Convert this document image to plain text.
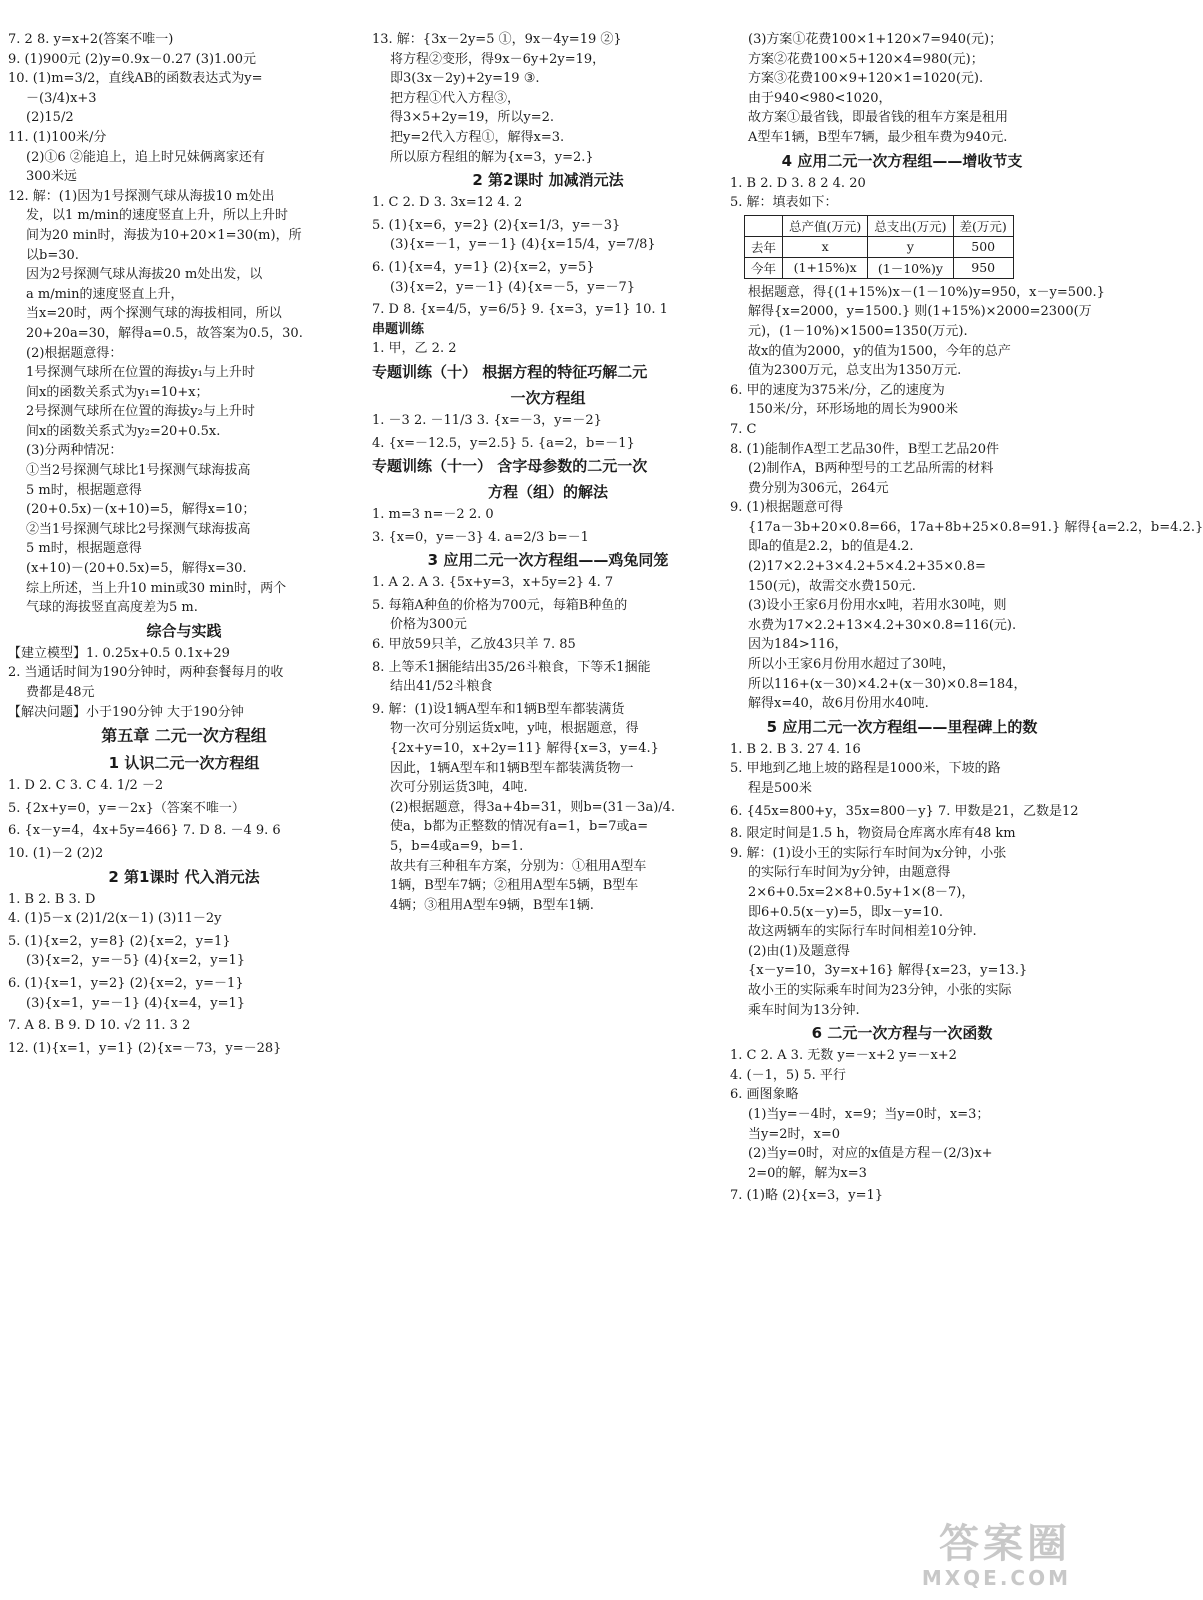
7. 2 8. y=x+2(答案不唯一)
9. (1)900元 (2)y=0.9x－0.27 (3)1.00元
10. (1)m=3/2，直线AB的函数表达式为y=
－(3/4)x+3
(2)15/2
11. (1)100米/分
(2)①6 ②能追上，追上时兄妹俩离家还有
300米远
12. 解：(1)因为1号探测气球从海拔10 m处出
发，以1 m/min的速度竖直上升，所以上升时
间为20 min时，海拔为10+20×1=30(m)，所
以b=30.
因为2号探测气球从海拔20 m处出发，以
a m/min的速度竖直上升，
当x=20时，两个探测气球的海拔相同，所以
20+20a=30，解得a=0.5，故答案为0.5，30.
(2)根据题意得：
1号探测气球所在位置的海拔y₁与上升时
间x的函数关系式为y₁=10+x；
2号探测气球所在位置的海拔y₂与上升时
间x的函数关系式为y₂=20+0.5x.
(3)分两种情况：
①当2号探测气球比1号探测气球海拔高
5 m时，根据题意得
(20+0.5x)－(x+10)=5，解得x=10；
②当1号探测气球比2号探测气球海拔高
5 m时，根据题意得
(x+10)－(20+0.5x)=5，解得x=30.
综上所述，当上升10 min或30 min时，两个
气球的海拔竖直高度差为5 m.
综合与实践
【建立模型】1. 0.25x+0.5 0.1x+29
2. 当通话时间为190分钟时，两种套餐每月的收
费都是48元
【解决问题】小于190分钟 大于190分钟
第五章 二元一次方程组
1 认识二元一次方程组
1. D 2. C 3. C 4. 1/2 －2
5. {2x+y=0，y=－2x}（答案不唯一）
6. {x－y=4，4x+5y=466} 7. D 8. －4 9. 6
10. (1)－2 (2)2
2 第1课时 代入消元法
1. B 2. B 3. D
4. (1)5－x (2)1/2(x－1) (3)11－2y
5. (1){x=2，y=8} (2){x=2，y=1}
(3){x=2，y=－5} (4){x=2，y=1}
6. (1){x=1，y=2} (2){x=2，y=－1}
(3){x=1，y=－1} (4){x=4，y=1}
7. A 8. B 9. D 10. √2 11. 3 2
12. (1){x=1，y=1} (2){x=－73，y=－28}
13. 解：{3x－2y=5 ①，9x－4y=19 ②}
将方程②变形，得9x－6y+2y=19，
即3(3x－2y)+2y=19 ③.
把方程①代入方程③，
得3×5+2y=19，所以y=2.
把y=2代入方程①，解得x=3.
所以原方程组的解为{x=3，y=2.}
2 第2课时 加减消元法
1. C 2. D 3. 3x=12 4. 2
5. (1){x=6，y=2} (2){x=1/3，y=－3}
(3){x=－1，y=－1} (4){x=15/4，y=7/8}
6. (1){x=4，y=1} (2){x=2，y=5}
(3){x=2，y=－1} (4){x=－5，y=－7}
7. D 8. {x=4/5，y=6/5} 9. {x=3，y=1} 10. 1
串题训练
1. 甲，乙 2. 2
专题训练（十） 根据方程的特征巧解二元
一次方程组
1. －3 2. －11/3 3. {x=－3，y=－2}
4. {x=－12.5，y=2.5} 5. {a=2，b=－1}
专题训练（十一） 含字母参数的二元一次
方程（组）的解法
1. m=3 n=－2 2. 0
3. {x=0，y=－3} 4. a=2/3 b=－1
3 应用二元一次方程组——鸡兔同笼
1. A 2. A 3. {5x+y=3，x+5y=2} 4. 7
5. 每箱A种鱼的价格为700元，每箱B种鱼的
价格为300元
6. 甲放59只羊，乙放43只羊 7. 85
8. 上等禾1捆能结出35/26斗粮食，下等禾1捆能
结出41/52斗粮食
9. 解：(1)设1辆A型车和1辆B型车都装满货
物一次可分别运货x吨，y吨，根据题意，得
{2x+y=10，x+2y=11} 解得{x=3，y=4.}
因此，1辆A型车和1辆B型车都装满货物一
次可分别运货3吨，4吨.
(2)根据题意，得3a+4b=31，则b=(31－3a)/4.
使a，b都为正整数的情况有a=1，b=7或a=
5，b=4或a=9，b=1.
故共有三种租车方案，分别为：①租用A型车
1辆，B型车7辆；②租用A型车5辆，B型车
4辆；③租用A型车9辆，B型车1辆.
(3)方案①花费100×1+120×7=940(元)；
方案②花费100×5+120×4=980(元)；
方案③花费100×9+120×1=1020(元).
由于940<980<1020，
故方案①最省钱，即最省钱的租车方案是租用
A型车1辆，B型车7辆，最少租车费为940元.
4 应用二元一次方程组——增收节支
1. B 2. D 3. 8 2 4. 20
5. 解：填表如下：
	总产值(万元)	总支出(万元)	差(万元)
去年	x	y	500
今年	(1+15%)x	(1－10%)y	950
根据题意，得{(1+15%)x－(1－10%)y=950，x－y=500.}
解得{x=2000，y=1500.} 则(1+15%)×2000=2300(万
元)，(1－10%)×1500=1350(万元).
故x的值为2000，y的值为1500，今年的总产
值为2300万元，总支出为1350万元.
6. 甲的速度为375米/分，乙的速度为
150米/分，环形场地的周长为900米
7. C
8. (1)能制作A型工艺品30件，B型工艺品20件
(2)制作A，B两种型号的工艺品所需的材料
费分别为306元，264元
9. (1)根据题意可得
{17a－3b+20×0.8=66，17a+8b+25×0.8=91.} 解得{a=2.2，b=4.2.}
即a的值是2.2，b的值是4.2.
(2)17×2.2+3×4.2+5×4.2+35×0.8=
150(元)，故需交水费150元.
(3)设小王家6月份用水x吨，若用水30吨，则
水费为17×2.2+13×4.2+30×0.8=116(元).
因为184>116，
所以小王家6月份用水超过了30吨，
所以116+(x－30)×4.2+(x－30)×0.8=184，
解得x=40，故6月份用水40吨.
5 应用二元一次方程组——里程碑上的数
1. B 2. B 3. 27 4. 16
5. 甲地到乙地上坡的路程是1000米，下坡的路
程是500米
6. {45x=800+y，35x=800－y} 7. 甲数是21，乙数是12
8. 限定时间是1.5 h，物资局仓库离水库有48 km
9. 解：(1)设小王的实际行车时间为x分钟，小张
的实际行车时间为y分钟，由题意得
2×6+0.5x=2×8+0.5y+1×(8－7)，
即6+0.5(x－y)=5，即x－y=10.
故这两辆车的实际行车时间相差10分钟.
(2)由(1)及题意得
{x－y=10，3y=x+16} 解得{x=23，y=13.}
故小王的实际乘车时间为23分钟，小张的实际
乘车时间为13分钟.
6 二元一次方程与一次函数
1. C 2. A 3. 无数 y=－x+2 y=－x+2
4. (－1，5) 5. 平行
6. 画图象略
(1)当y=－4时，x=9；当y=0时，x=3；
当y=2时，x=0
(2)当y=0时，对应的x值是方程－(2/3)x+
2=0的解，解为x=3
7. (1)略 (2){x=3，y=1}
答案圈
MXQE.COM
